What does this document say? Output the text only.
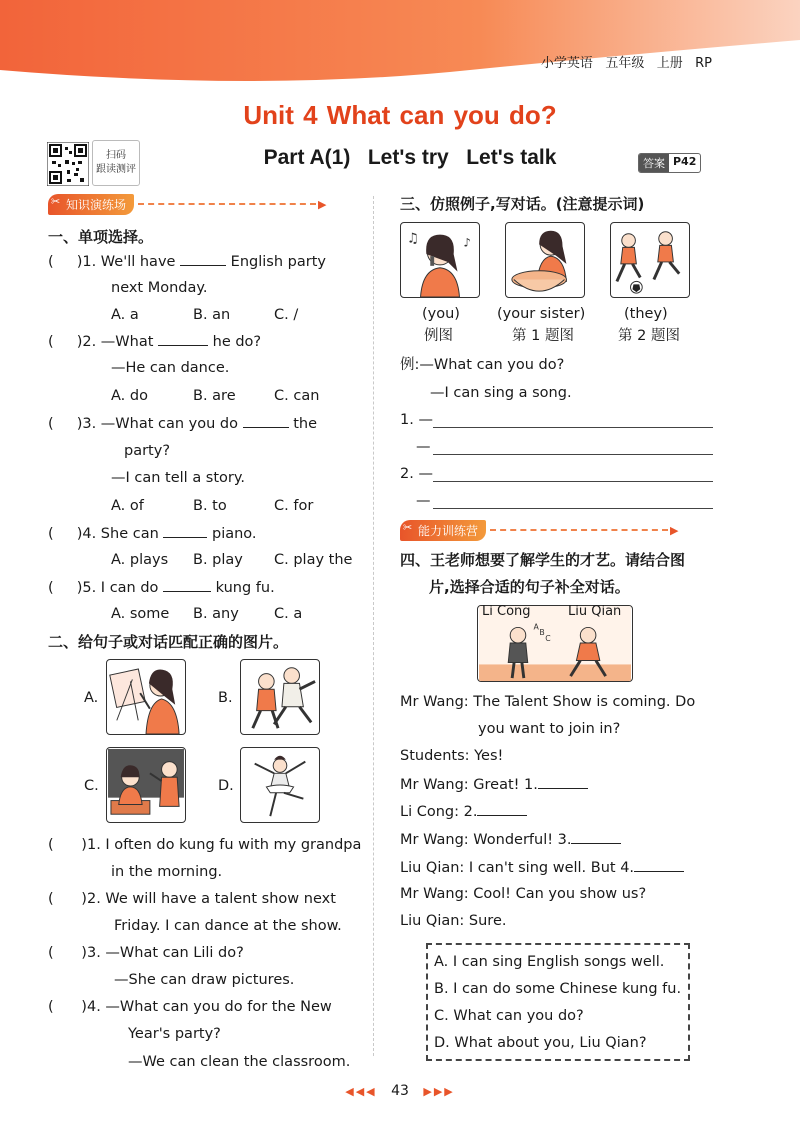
小学英语   五年级   上册   RP
Unit 4 What can you do?
扫码
跟读测评
Part A(1)   Let's try   Let's talk	答案 P42
✂ 知识演练场	▶
一、单项选择。
(     )1. We'll have	English party
next Monday.
A. a	B. an	C. /
(     )2. —What	he do?
—He can dance.
A. do	B. are	C. can
(     )3. —What can you do	the
party?
—I can tell a story.
A. of	B. to	C. for
(     )4. She can	piano.
A. plays B. play C. play the
(     )5. I can do	kung fu.
A. some B. any C. a
二、给句子或对话匹配正确的图片。
A.	B.
C.	D.
(      )1. I often do kung fu with my grandpa
in the morning.
(      )2. We will have a talent show next
Friday. I can dance at the show.
(      )3. —What can Lili do?
—She can draw pictures.
(      )4. —What can you do for the New
Year's party?
—We can clean the classroom.
三、仿照例子,写对话。(注意提示词)
♫	♪
(you)	(your sister)	(they)
例图	第 1 题图	第 2 题图
例:—What can you do?
—I can sing a song.
1. —
—
2. —
—
✂ 能力训练营	▶
四、王老师想要了解学生的才艺。请结合图
片,选择合适的句子补全对话。
A
B
C
Li Cong	Liu Qian
Mr Wang: The Talent Show is coming. Do
you want to join in?
Students: Yes!
Mr Wang: Great! 1.
Li Cong: 2.
Mr Wang: Wonderful! 3.
Liu Qian: I can't sing well. But 4.
Mr Wang: Cool! Can you show us?
Liu Qian: Sure.
A. I can sing English songs well.
B. I can do some Chinese kung fu.
C. What can you do?
D. What about you, Liu Qian?
◀◀◀ 43 ▶▶▶
